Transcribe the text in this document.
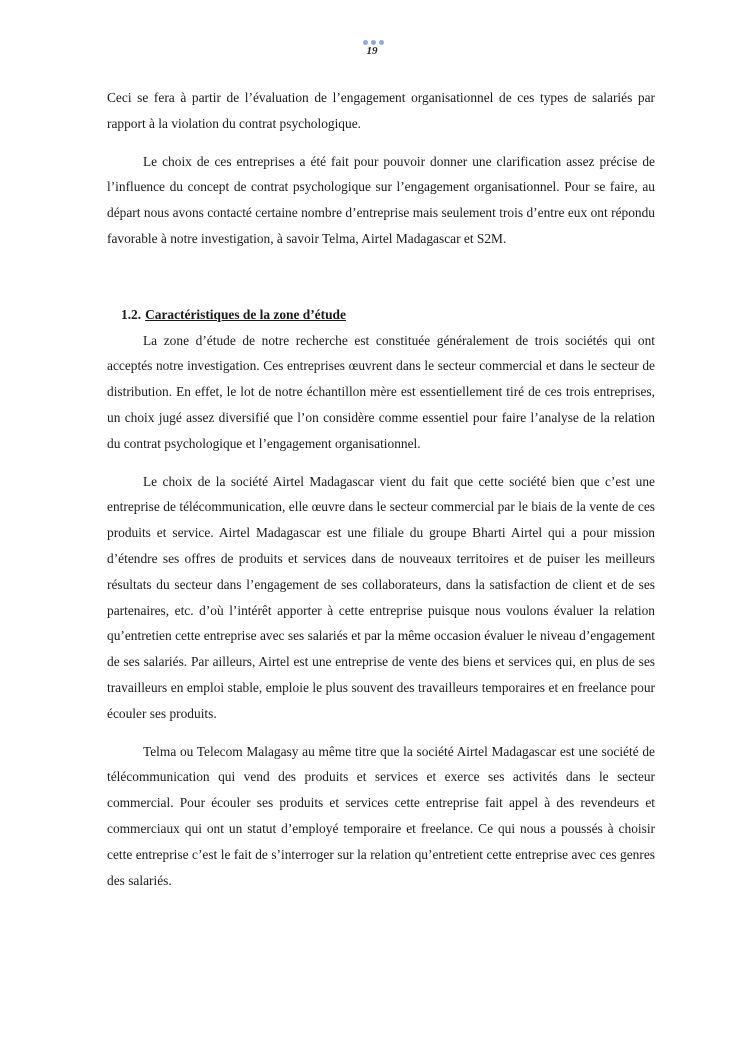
19

Ceci se fera à partir de l’évaluation de l’engagement organisationnel de ces types de salariés par rapport à la violation du contrat psychologique.

Le choix de ces entreprises a été fait pour pouvoir donner une clarification assez précise de l’influence du concept de contrat psychologique sur l’engagement organisationnel. Pour se faire, au départ nous avons contacté certaine nombre d’entreprise mais seulement trois d’entre eux ont répondu favorable à notre investigation, à savoir Telma, Airtel Madagascar et S2M.

1.2. Caractéristiques de la zone d’étude

La zone d’étude de notre recherche est constituée généralement de trois sociétés qui ont acceptés notre investigation. Ces entreprises œuvrent dans le secteur commercial et dans le secteur de distribution. En effet, le lot de notre échantillon mère est essentiellement tiré de ces trois entreprises, un choix jugé assez diversifié que l’on considère comme essentiel pour faire l’analyse de la relation du contrat psychologique et l’engagement organisationnel.

Le choix de la société Airtel Madagascar vient du fait que cette société bien que c’est une entreprise de télécommunication, elle œuvre dans le secteur commercial par le biais de la vente de ces produits et service. Airtel Madagascar est une filiale du groupe Bharti Airtel qui a pour mission d’étendre ses offres de produits et services dans de nouveaux territoires et de puiser les meilleurs résultats du secteur dans l’engagement de ses collaborateurs, dans la satisfaction de client et de ses partenaires, etc. d’où l’intérêt apporter à cette entreprise puisque nous voulons évaluer la relation qu’entretien cette entreprise avec ses salariés et par la même occasion évaluer le niveau d’engagement de ses salariés. Par ailleurs, Airtel est une entreprise de vente des biens et services qui, en plus de ses travailleurs en emploi stable, emploie le plus souvent des travailleurs temporaires et en freelance pour écouler ses produits.

Telma ou Telecom Malagasy au même titre que la société Airtel Madagascar est une société de télécommunication qui vend des produits et services et exerce ses activités dans le secteur commercial. Pour écouler ses produits et services cette entreprise fait appel à des revendeurs et commerciaux qui ont un statut d’employé temporaire et freelance. Ce qui nous a poussés à choisir cette entreprise c’est le fait de s’interroger sur la relation qu’entretient cette entreprise avec ces genres des salariés.
